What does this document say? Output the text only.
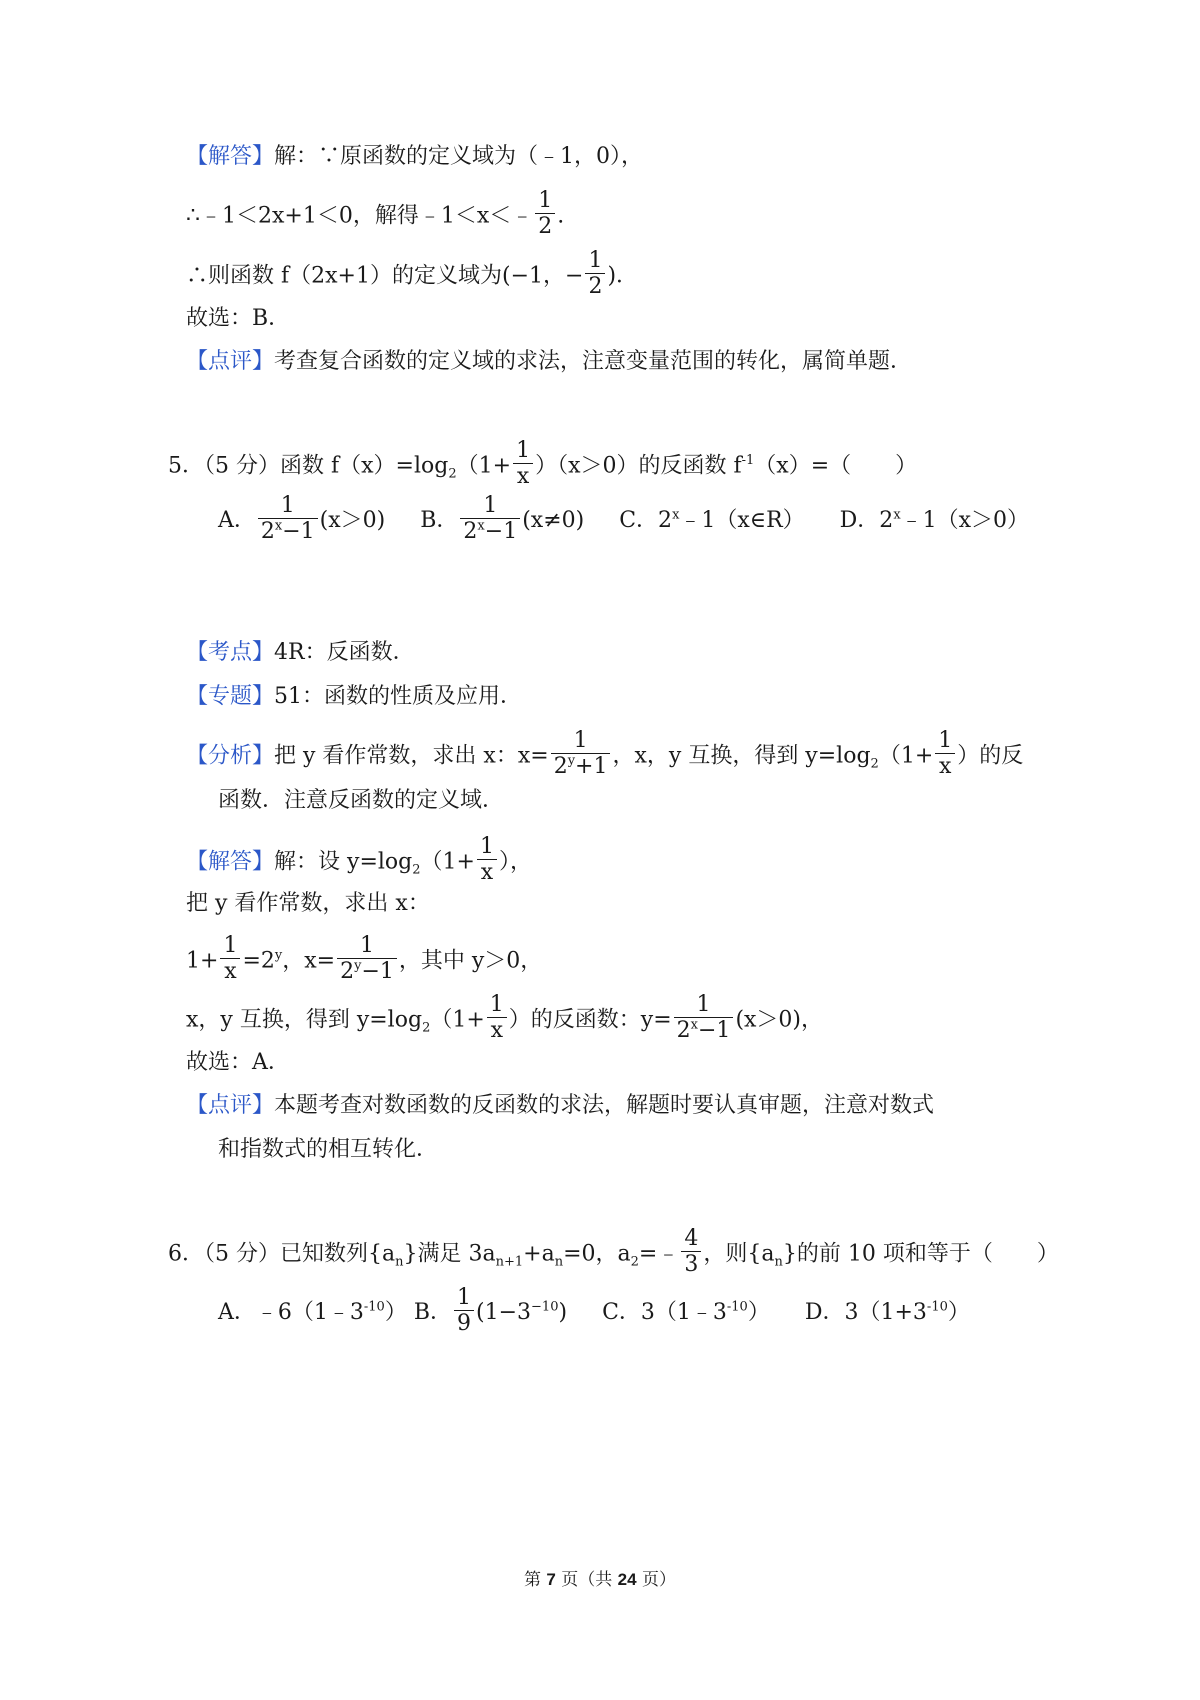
【解答】解：∵原函数的定义域为（﹣1，0），
∴﹣1＜2x+1＜0，解得﹣1＜x＜﹣ $\frac{1}{2}$ .
∴则函数 f（2x+1）的定义域为(−1，− $\frac{1}{2}$ )．
故选：B．
【点评】考查复合函数的定义域的求法，注意变量范围的转化，属简单题．
5．（5 分）函数 $f(x)=\log_2(1+ \frac{1}{x} )(x>0)$的反函数 $f^{-1}(x)=$（　　）
A． $\frac{1}{2^x-1} (x>0)$ B． $\frac{1}{2^x-1} (x\ne 0)$ C．2$^x$﹣1（x∈R） D．$2^x﹣1(x>0)$
【考点】4R：反函数．
【专题】51：函数的性质及应用．
【分析】把 y 看作常数，求出 x：$x= \frac{1}{2^y+1}$ ，x，y 互换，得到 $y=\log_2(1+ \frac{1}{x}$ ）的反
函数．注意反函数的定义域．
【解答】解：设 $y=\log_2(1+ \frac{1}{x}$ ），
把 y 看作常数，求出 x：
$1+ \frac{1}{x} =2^y$，$x= \frac{1}{2^y-1}$ ，其中 y＞0，
x，y 互换，得到 $y=\log_2(1+ \frac{1}{x}$ ）的反函数：$y= \frac{1}{2^x-1} (x>0)$，
故选：A．
【点评】本题考查对数函数的反函数的求法，解题时要认真审题，注意对数式
和指数式的相互转化．
6．（5 分）已知数列$\{a_n\}$满足 $3a_{n+1}+a_n=0$，$a_2=﹣ \frac{4}{3}$ ，则$\{a_n\}$的前 10 项和等于（　　）
A．$﹣6(1﹣3^{-10})$ B． $\frac{1}{9} (1-3^{-10})$ C．$3(1﹣3^{-10})$ D．$3(1+3^{-10})$
第 7 页（共 24 页）
